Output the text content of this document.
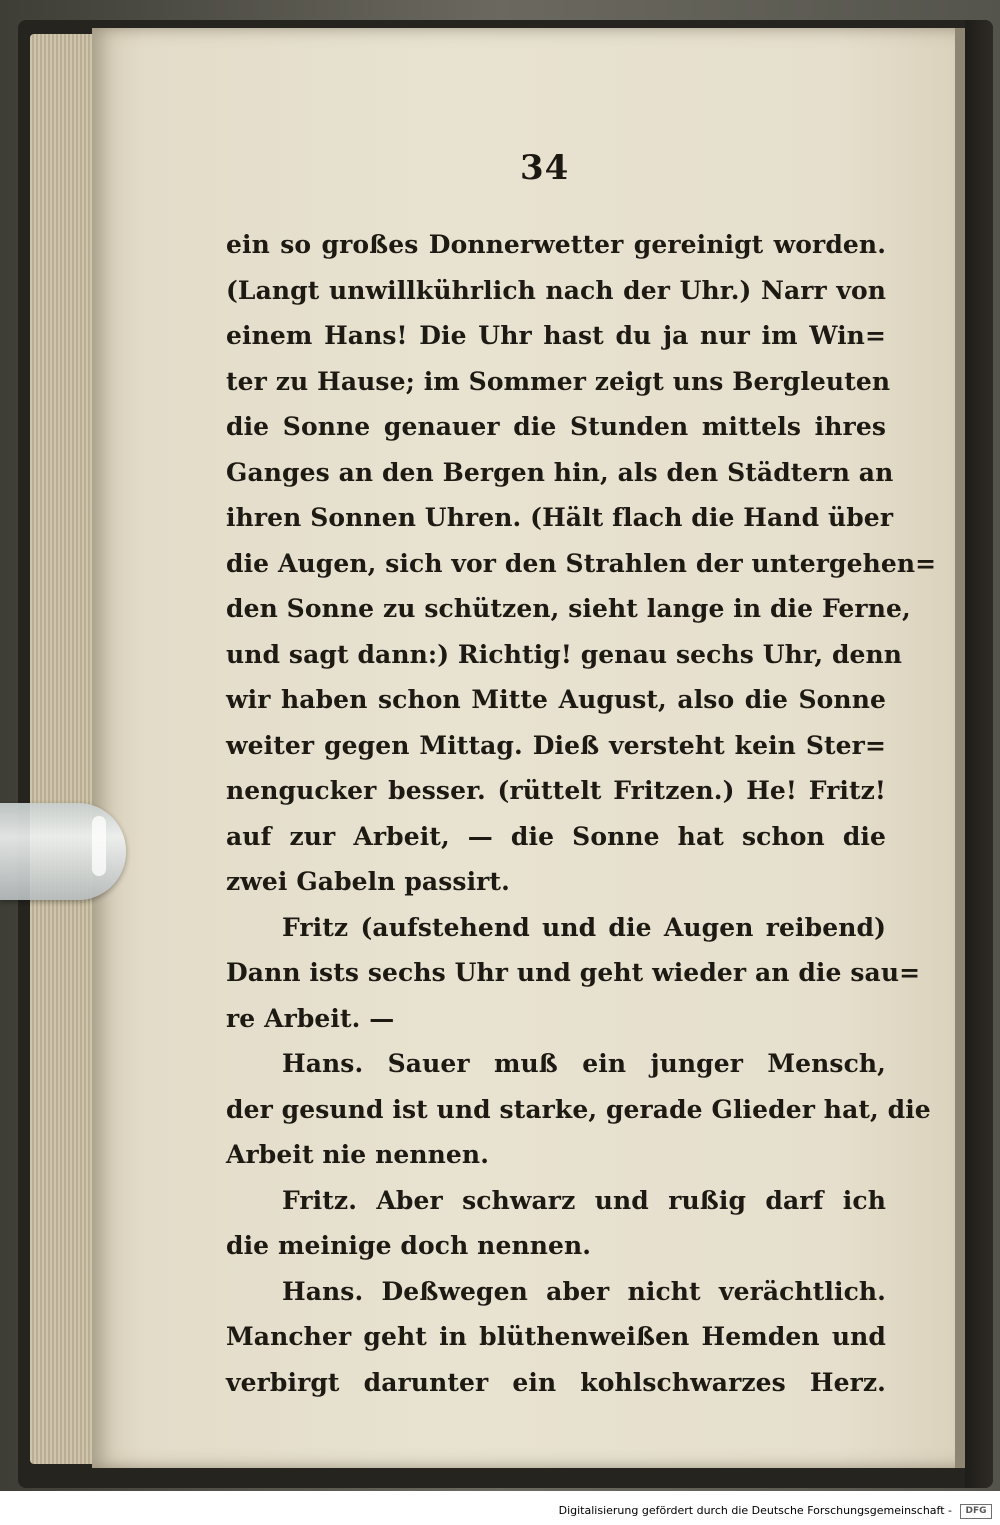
34
ein so großes Donnerwetter gereinigt worden.
(Langt unwillkührlich nach der Uhr.) Narr von
einem Hans! Die Uhr hast du ja nur im Win=
ter zu Hause; im Sommer zeigt uns Bergleuten
die Sonne genauer die Stunden mittels ihres
Ganges an den Bergen hin, als den Städtern an
ihren Sonnen Uhren. (Hält flach die Hand über
die Augen, sich vor den Strahlen der untergehen=
den Sonne zu schützen, sieht lange in die Ferne,
und sagt dann:) Richtig! genau sechs Uhr, denn
wir haben schon Mitte August, also die Sonne
weiter gegen Mittag. Dieß versteht kein Ster=
nengucker besser. (rüttelt Fritzen.) He! Fritz!
auf zur Arbeit, — die Sonne hat schon die
zwei Gabeln passirt.
Fritz (aufstehend und die Augen reibend)
Dann ists sechs Uhr und geht wieder an die sau=
re Arbeit. —
Hans. Sauer muß ein junger Mensch,
der gesund ist und starke, gerade Glieder hat, die
Arbeit nie nennen.
Fritz. Aber schwarz und rußig darf ich
die meinige doch nennen.
Hans. Deßwegen aber nicht verächtlich.
Mancher geht in blüthenweißen Hemden und
verbirgt darunter ein kohlschwarzes Herz.
Digitalisierung gefördert durch die Deutsche Forschungsgemeinschaft -	DFG
